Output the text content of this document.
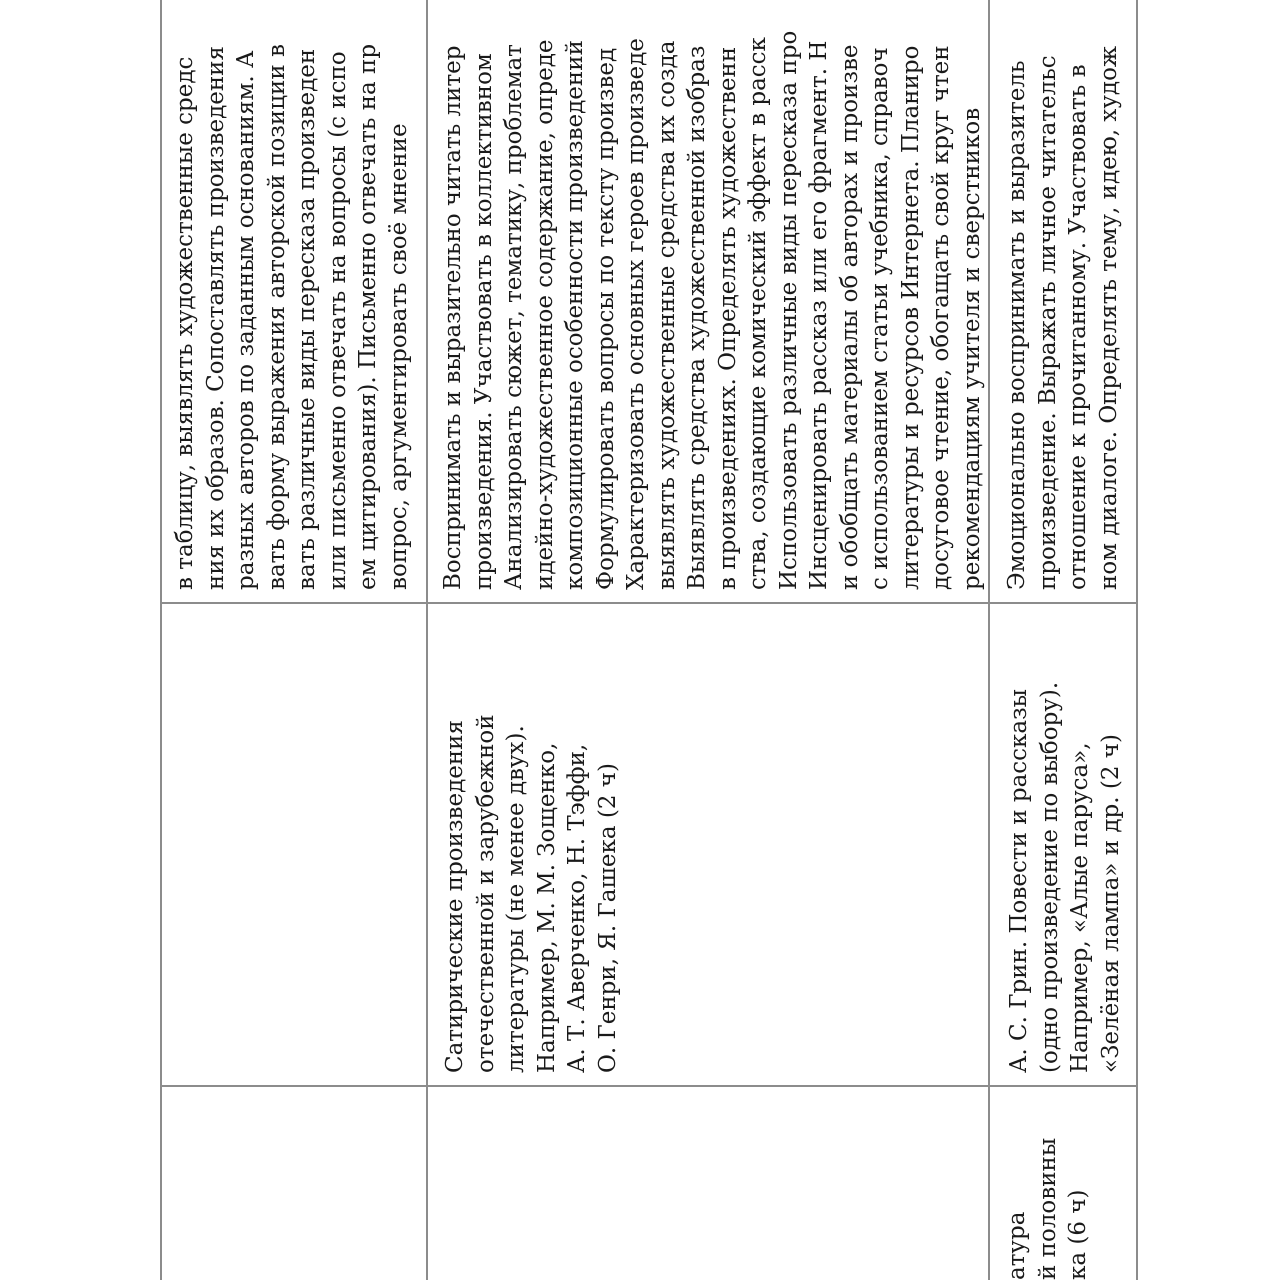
в таблицу, выявлять художественные средс
ния их образов. Сопоставлять произведения
разных авторов по заданным основаниям. А
вать форму выражения авторской позиции в
вать различные виды пересказа произведен
или письменно отвечать на вопросы (с испо
ем цитирования). Письменно отвечать на пр
вопрос, аргументировать своё мнение
Сатирические произведения
отечественной и зарубежной
литературы (не менее двух).
Например, М. М. Зощенко,
А. Т. Аверченко, Н. Тэффи,
О. Генри, Я. Гашека (2 ч)
Воспринимать и выразительно читать литер
произведения. Участвовать в коллективном
Анализировать сюжет, тематику, проблемат
идейно-художественное содержание, опреде
композиционные особенности произведений
Формулировать вопросы по тексту произвед
Характеризовать основных героев произведе
выявлять художественные средства их созда
Выявлять средства художественной изобраз
в произведениях. Определять художественн
ства, создающие комический эффект в расск
Использовать различные виды пересказа про
Инсценировать рассказ или его фрагмент. Н
и обобщать материалы об авторах и произве
с использованием статьи учебника, справоч
литературы и ресурсов Интернета. Планиро
досуговое чтение, обогащать свой круг чтен
рекомендациям учителя и сверстников
атура
й половины
ка (6 ч)
А. С. Грин. Повести и рассказы
(одно произведение по выбору).
Например, «Алые паруса»,
«Зелёная лампа» и др. (2 ч)
Эмоционально воспринимать и выразитель
произведение. Выражать личное читательс
отношение к прочитанному. Участвовать в
ном диалоге. Определять тему, идею, худож
